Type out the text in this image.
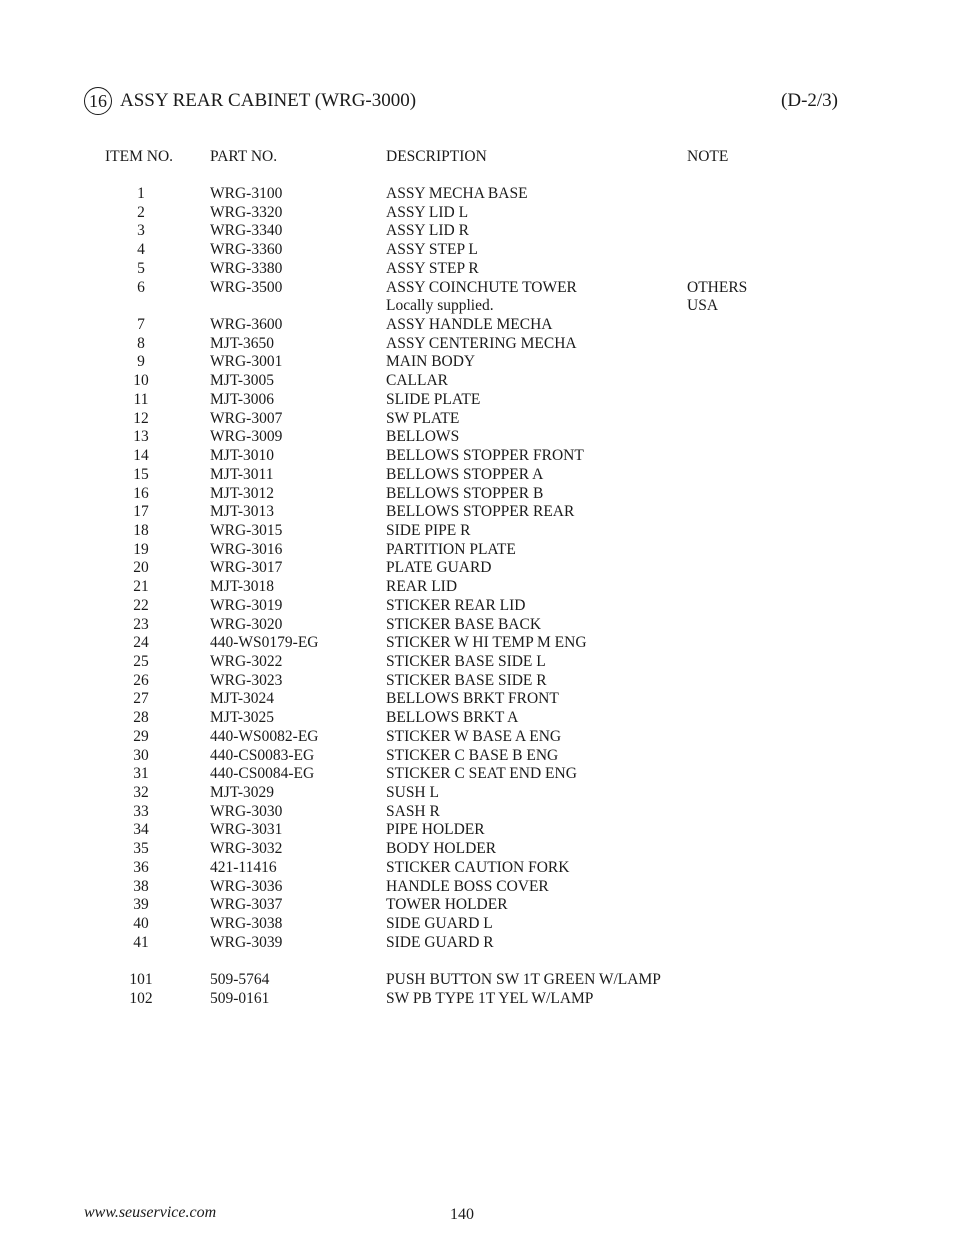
16 ASSY REAR CABINET (WRG-3000)	(D-2/3)
ITEM NO. PART NO.	DESCRIPTION	NOTE
1	WRG-3100	ASSY MECHA BASE
2	WRG-3320	ASSY LID L
3	WRG-3340	ASSY LID R
4	WRG-3360	ASSY STEP L
5	WRG-3380	ASSY STEP R
6	WRG-3500	ASSY COINCHUTE TOWER	OTHERS
Locally supplied.	USA
7	WRG-3600	ASSY HANDLE MECHA
8	MJT-3650	ASSY CENTERING MECHA
9	WRG-3001	MAIN BODY
10	MJT-3005	CALLAR
11	MJT-3006	SLIDE PLATE
12	WRG-3007	SW PLATE
13	WRG-3009	BELLOWS
14	MJT-3010	BELLOWS STOPPER FRONT
15	MJT-3011	BELLOWS STOPPER A
16	MJT-3012	BELLOWS STOPPER B
17	MJT-3013	BELLOWS STOPPER REAR
18	WRG-3015	SIDE PIPE R
19	WRG-3016	PARTITION PLATE
20	WRG-3017	PLATE GUARD
21	MJT-3018	REAR LID
22	WRG-3019	STICKER REAR LID
23	WRG-3020	STICKER BASE BACK
24	440-WS0179-EG	STICKER W HI TEMP M ENG
25	WRG-3022	STICKER BASE SIDE L
26	WRG-3023	STICKER BASE SIDE R
27	MJT-3024	BELLOWS BRKT FRONT
28	MJT-3025	BELLOWS BRKT A
29	440-WS0082-EG	STICKER W BASE A ENG
30	440-CS0083-EG	STICKER C BASE B ENG
31	440-CS0084-EG	STICKER C SEAT END ENG
32	MJT-3029	SUSH L
33	WRG-3030	SASH R
34	WRG-3031	PIPE HOLDER
35	WRG-3032	BODY HOLDER
36	421-11416	STICKER CAUTION FORK
38	WRG-3036	HANDLE BOSS COVER
39	WRG-3037	TOWER HOLDER
40	WRG-3038	SIDE GUARD L
41	WRG-3039	SIDE GUARD R
101	509-5764	PUSH BUTTON SW 1T GREEN W/LAMP
102	509-0161	SW PB TYPE 1T YEL W/LAMP
www.seuservice.com	140
